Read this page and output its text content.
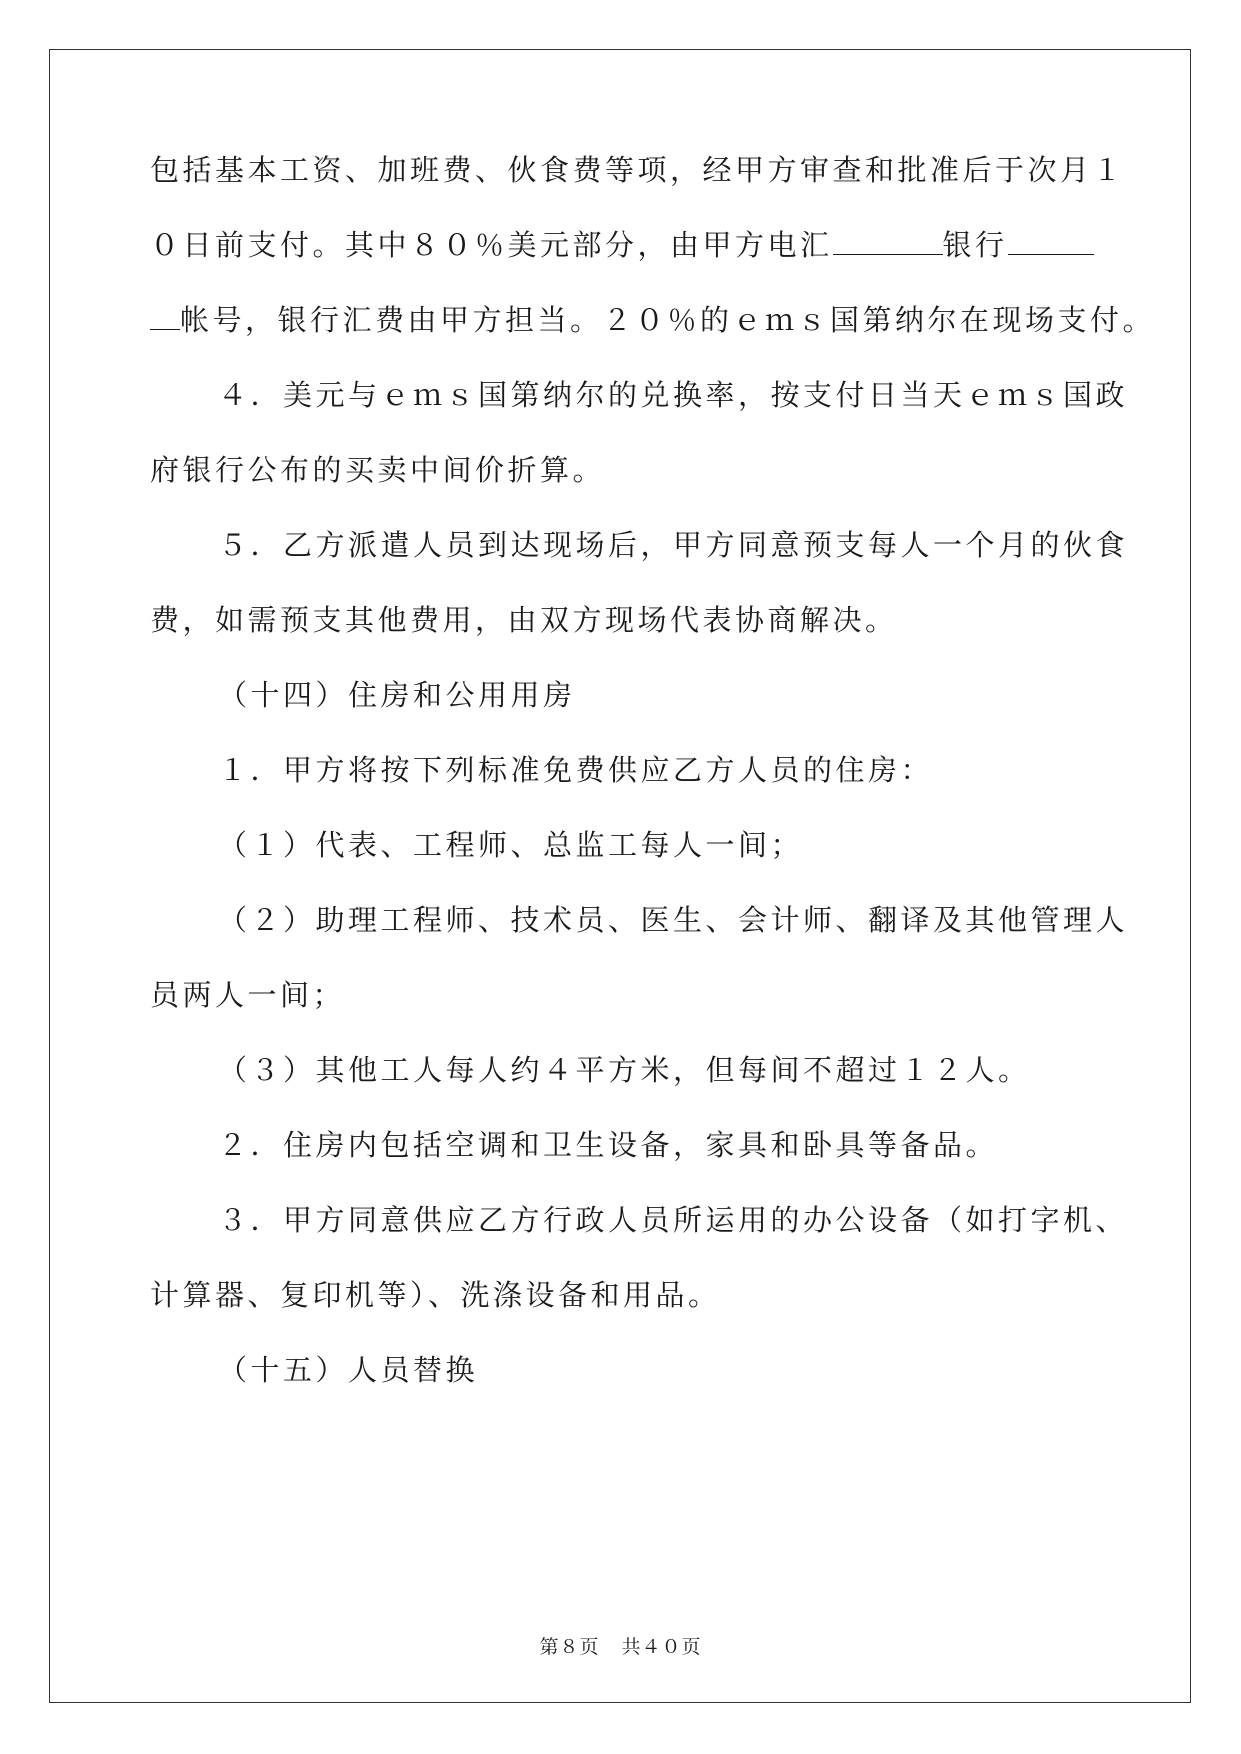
包括基本工资、加班费、伙食费等项，经甲方审查和批准后于次月１
０日前支付。其中８０％美元部分，由甲方电汇	银行
帐号，银行汇费由甲方担当。２０％的ｅｍｓ国第纳尔在现场支付。
４．美元与ｅｍｓ国第纳尔的兑换率，按支付日当天ｅｍｓ国政
府银行公布的买卖中间价折算。
５．乙方派遣人员到达现场后，甲方同意预支每人一个月的伙食
费，如需预支其他费用，由双方现场代表协商解决。
（十四）住房和公用用房
１．甲方将按下列标准免费供应乙方人员的住房：
（１）代表、工程师、总监工每人一间；
（２）助理工程师、技术员、医生、会计师、翻译及其他管理人
员两人一间；
（３）其他工人每人约４平方米，但每间不超过１２人。
２．住房内包括空调和卫生设备，家具和卧具等备品。
３．甲方同意供应乙方行政人员所运用的办公设备（如打字机、
计算器、复印机等）、洗涤设备和用品。
（十五）人员替换
第８页 共４０页
